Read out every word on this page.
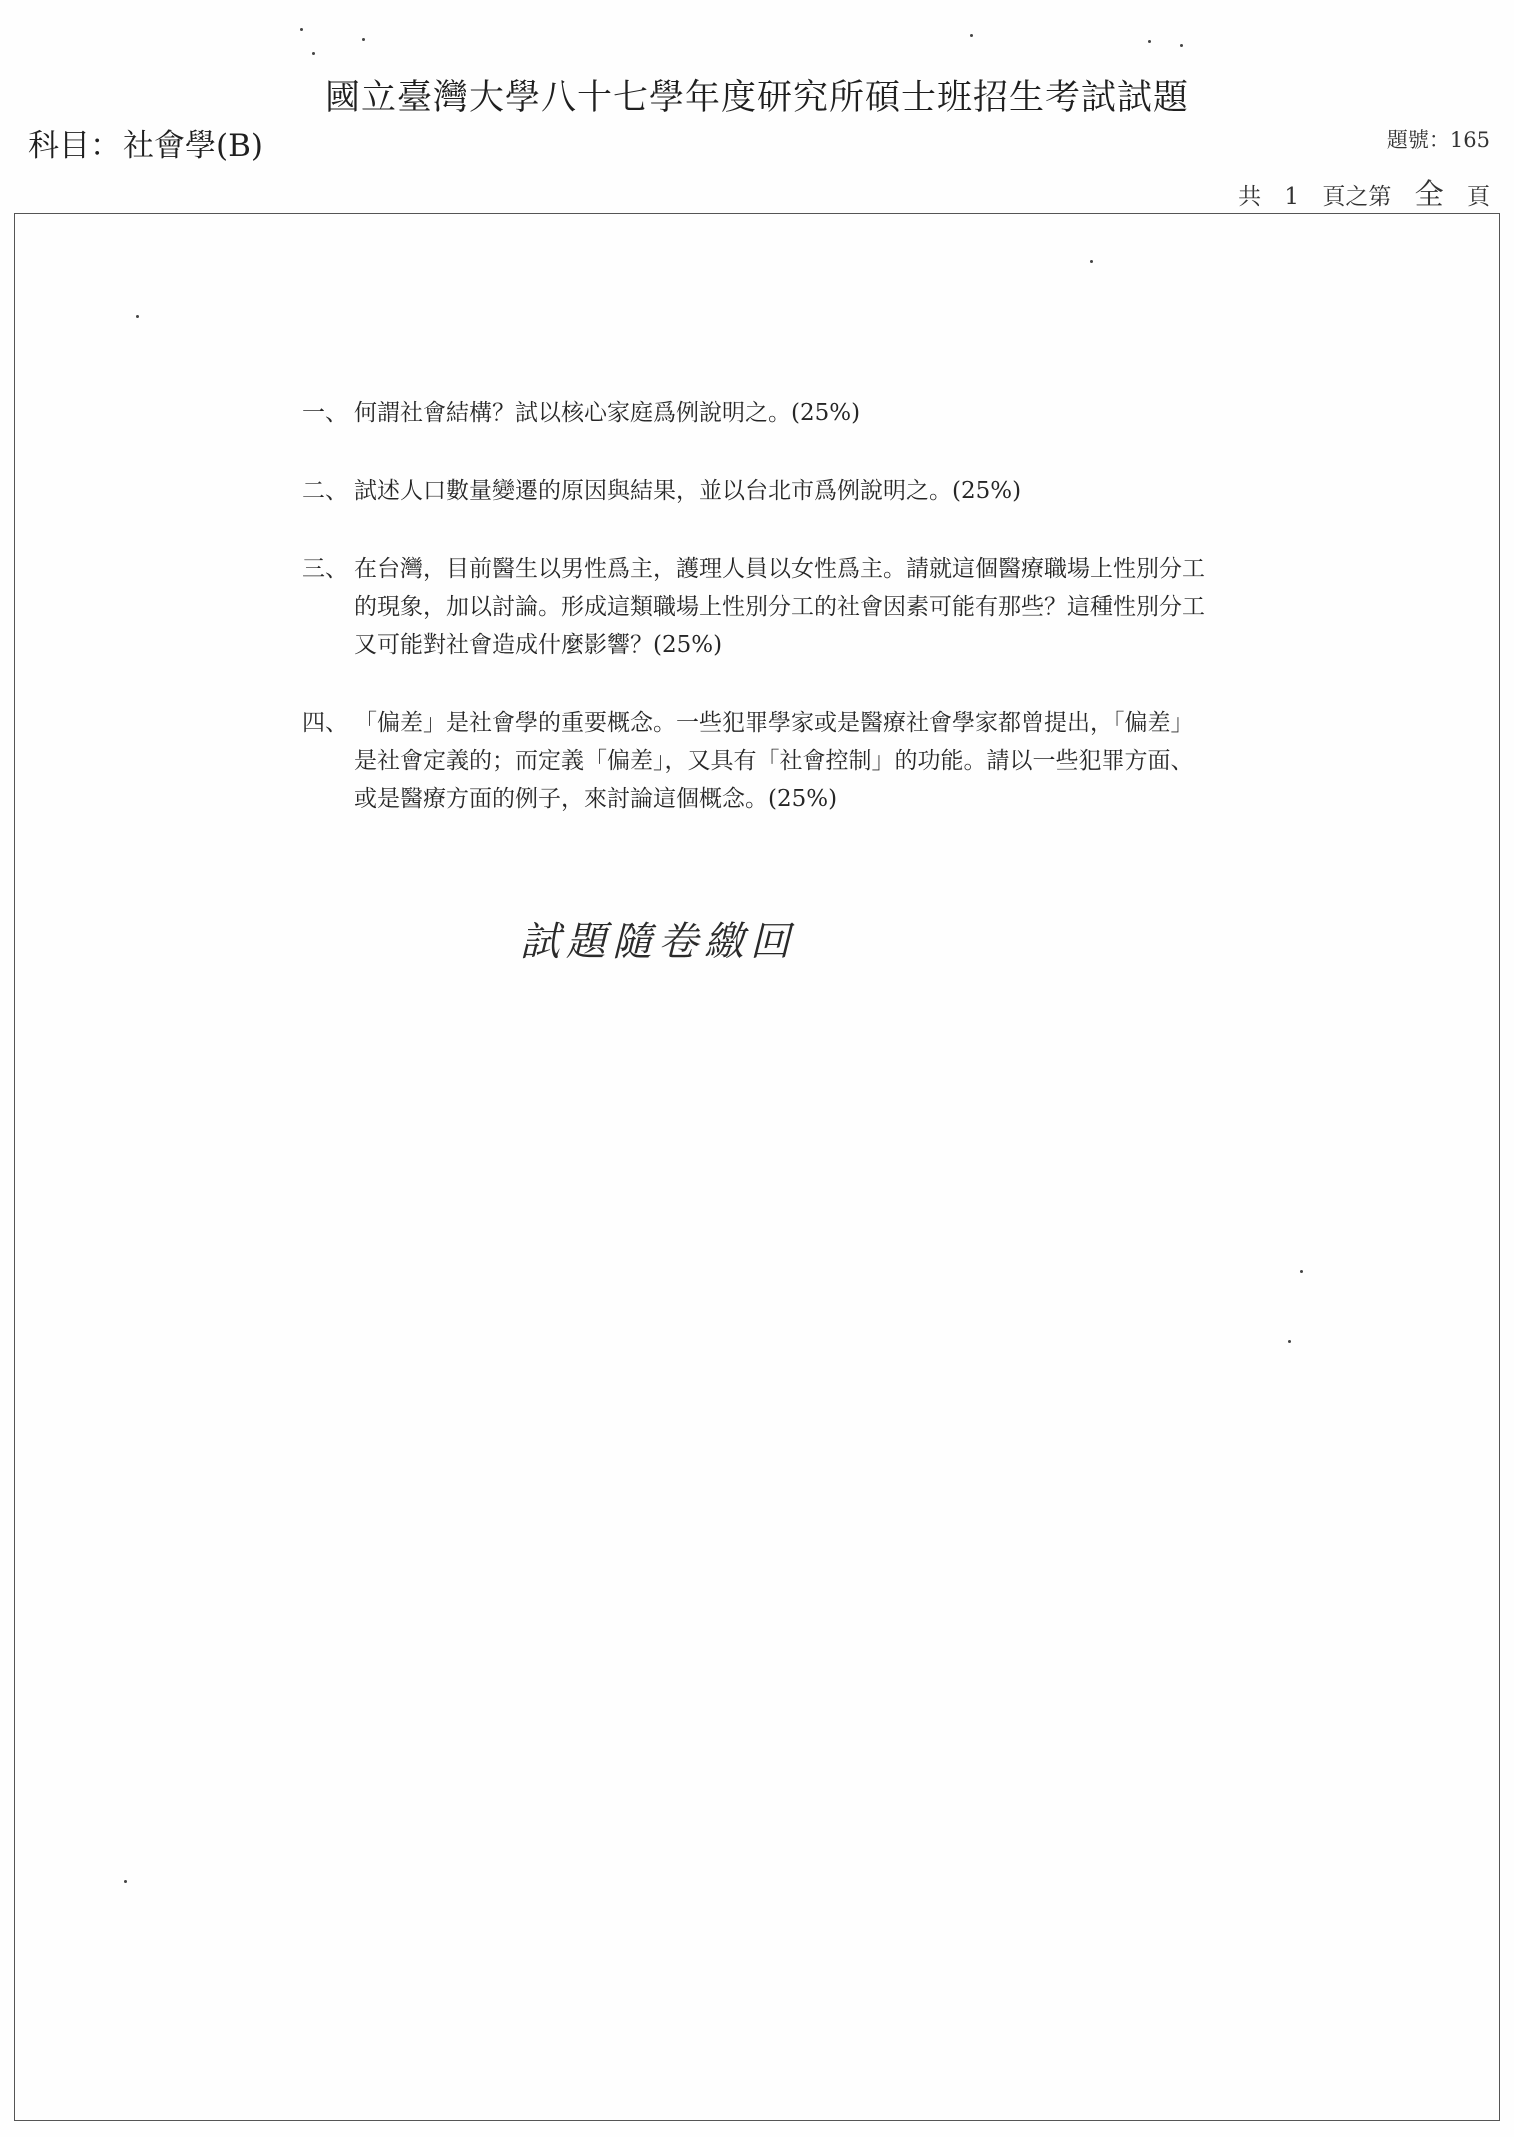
國立臺灣大學八十七學年度研究所碩士班招生考試試題
科目：社會學(B)	題號：165
共 1 頁之第 全 頁
一、 何謂社會結構？試以核心家庭爲例說明之。(25%)
二、 試述人口數量變遷的原因與結果，並以台北市爲例說明之。(25%)
三、 在台灣，目前醫生以男性爲主，護理人員以女性爲主。請就這個醫療職場上性別分工的現象，加以討論。形成這類職場上性別分工的社會因素可能有那些？這種性別分工又可能對社會造成什麼影響？(25%)
四、 「偏差」是社會學的重要概念。一些犯罪學家或是醫療社會學家都曾提出，「偏差」是社會定義的；而定義「偏差」，又具有「社會控制」的功能。請以一些犯罪方面、或是醫療方面的例子，來討論這個概念。(25%)
試題隨卷繳回
